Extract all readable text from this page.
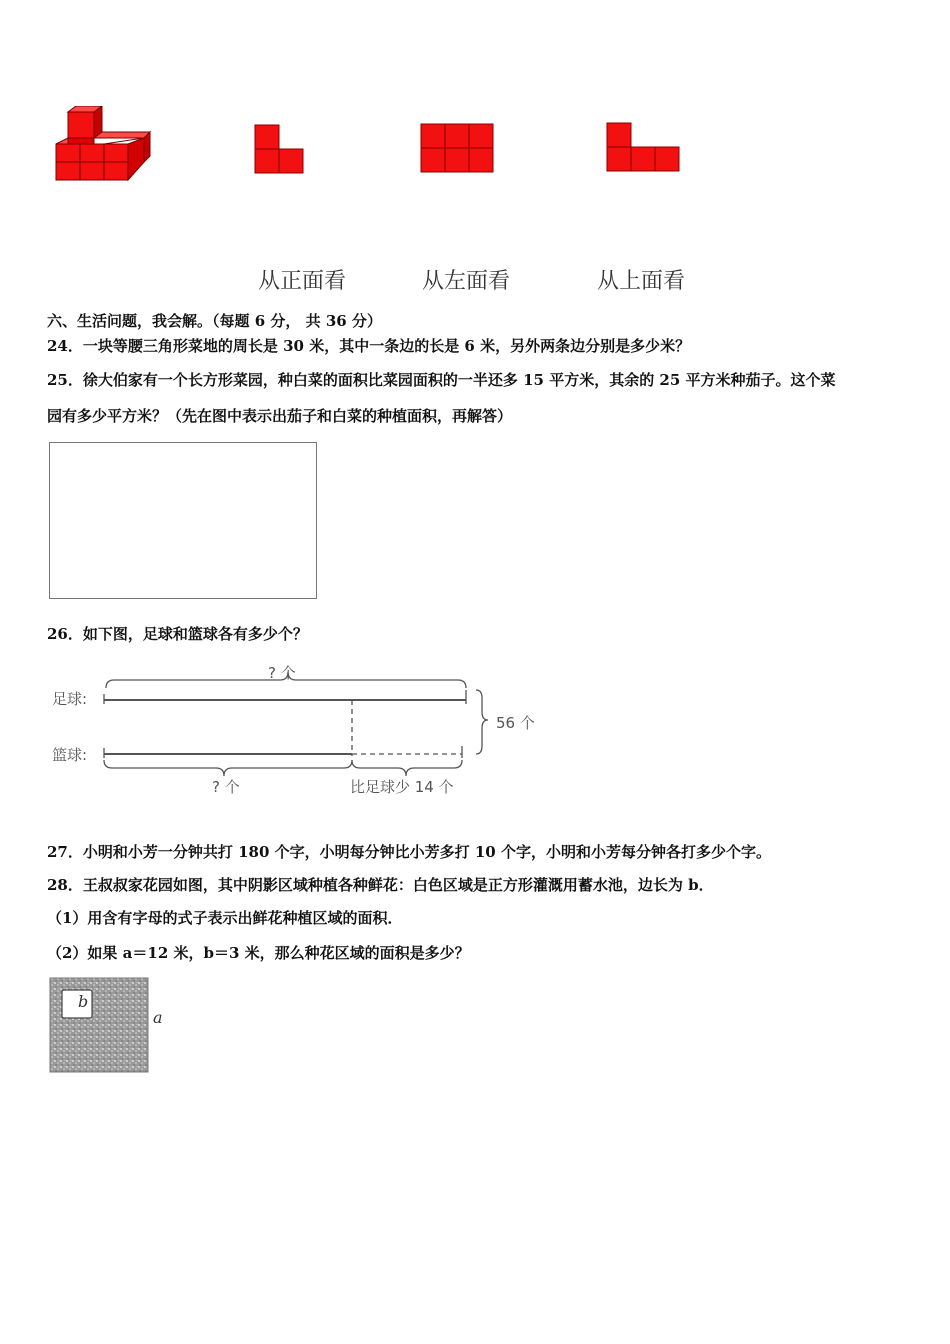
从正面看	从左面看	从上面看
六、生活问题，我会解。（每题 6 分， 共 36 分）
24．一块等腰三角形菜地的周长是 30 米，其中一条边的长是 6 米，另外两条边分别是多少米？
25．徐大伯家有一个长方形菜园，种白菜的面积比菜园面积的一半还多 15 平方米，其余的 25 平方米种茄子。这个菜
园有多少平方米？（先在图中表示出茄子和白菜的种植面积，再解答）
26．如下图，足球和篮球各有多少个？
足球:
篮球:
? 个
56 个
? 个	比足球少 14 个
27．小明和小芳一分钟共打 180 个字，小明每分钟比小芳多打 10 个字，小明和小芳每分钟各打多少个字。
28．王叔叔家花园如图，其中阴影区域种植各种鲜花：白色区域是正方形灌溉用蓄水池，边长为 b．
（1）用含有字母的式子表示出鲜花种植区域的面积．
（2）如果 a＝12 米，b＝3 米，那么种花区域的面积是多少？
b
a
